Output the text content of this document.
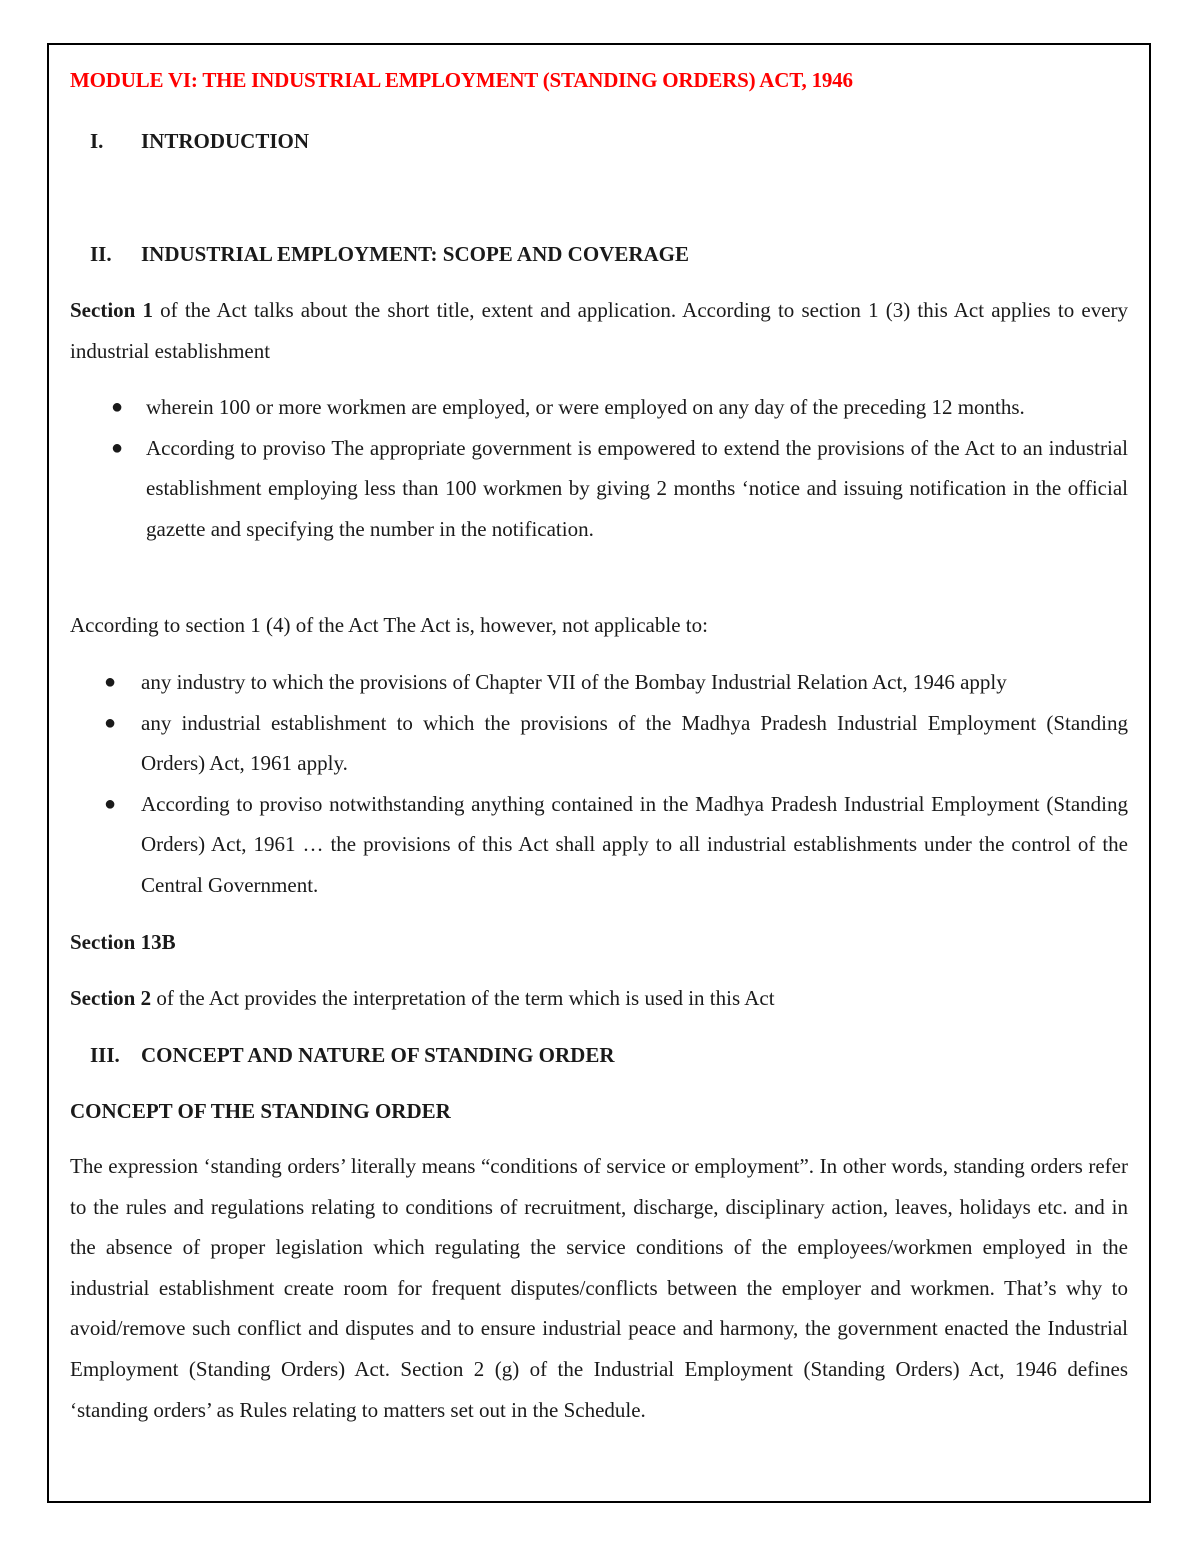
MODULE VI: THE INDUSTRIAL EMPLOYMENT (STANDING ORDERS) ACT, 1946

I. INTRODUCTION

II. INDUSTRIAL EMPLOYMENT: SCOPE AND COVERAGE

Section 1 of the Act talks about the short title, extent and application. According to section 1 (3) this Act applies to every industrial establishment

● wherein 100 or more workmen are employed, or were employed on any day of the preceding 12 months.
● According to proviso The appropriate government is empowered to extend the provisions of the Act to an industrial establishment employing less than 100 workmen by giving 2 months ‘notice and issuing notification in the official gazette and specifying the number in the notification.

According to section 1 (4) of the Act The Act is, however, not applicable to:

● any industry to which the provisions of Chapter VII of the Bombay Industrial Relation Act, 1946 apply
● any industrial establishment to which the provisions of the Madhya Pradesh Industrial Employment (Standing Orders) Act, 1961 apply.
● According to proviso notwithstanding anything contained in the Madhya Pradesh Industrial Employment (Standing Orders) Act, 1961 … the provisions of this Act shall apply to all industrial establishments under the control of the Central Government.

Section 13B

Section 2 of the Act provides the interpretation of the term which is used in this Act

III. CONCEPT AND NATURE OF STANDING ORDER

CONCEPT OF THE STANDING ORDER

The expression ‘standing orders’ literally means “conditions of service or employment”. In other words, standing orders refer to the rules and regulations relating to conditions of recruitment, discharge, disciplinary action, leaves, holidays etc. and in the absence of proper legislation which regulating the service conditions of the employees/workmen employed in the industrial establishment create room for frequent disputes/conflicts between the employer and workmen. That’s why to avoid/remove such conflict and disputes and to ensure industrial peace and harmony, the government enacted the Industrial Employment (Standing Orders) Act. Section 2 (g) of the Industrial Employment (Standing Orders) Act, 1946 defines ‘standing orders’ as Rules relating to matters set out in the Schedule.
